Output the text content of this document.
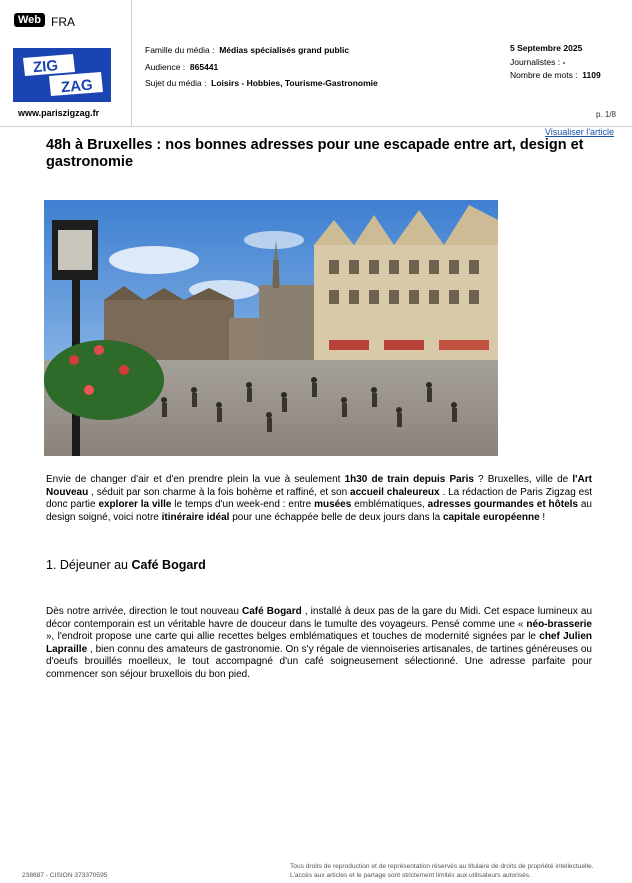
Web FRA
ZIG
ZAG
www.pariszigzag.fr
Famille du média : Médias spécialisés grand public
Audience : 865441
Sujet du média : Loisirs - Hobbies, Tourisme-Gastronomie
5 Septembre 2025
Journalistes : -
Nombre de mots : 1109
p. 1/8
Visualiser l'article
48h à Bruxelles : nos bonnes adresses pour une escapade entre art, design et gastronomie

Envie de changer d'air et d'en prendre plein la vue à seulement 1h30 de train depuis Paris ? Bruxelles, ville de l'Art Nouveau , séduit par son charme à la fois bohème et raffiné, et son accueil chaleureux . La rédaction de Paris Zigzag est donc partie explorer la ville le temps d'un week-end : entre musées emblématiques, adresses gourmandes et hôtels au design soigné, voici notre itinéraire idéal pour une échappée belle de deux jours dans la capitale européenne !

1. Déjeuner au Café Bogard

Dès notre arrivée, direction le tout nouveau Café Bogard , installé à deux pas de la gare du Midi. Cet espace lumineux au décor contemporain est un véritable havre de douceur dans le tumulte des voyageurs. Pensé comme une « néo-brasserie », l'endroit propose une carte qui allie recettes belges emblématiques et touches de modernité signées par le chef Julien Lapraille , bien connu des amateurs de gastronomie. On s'y régale de viennoiseries artisanales, de tartines généreuses ou d'oeufs brouillés moelleux, le tout accompagné d'un café soigneusement sélectionné. Une adresse parfaite pour commencer son séjour bruxellois du bon pied.

238687 - CISION 373370595
Tous droits de reproduction et de représentation réservés au titulaire de droits de propriété intellectuelle.
L'accès aux articles et le partage sont strictement limités aux utilisateurs autorisés.
